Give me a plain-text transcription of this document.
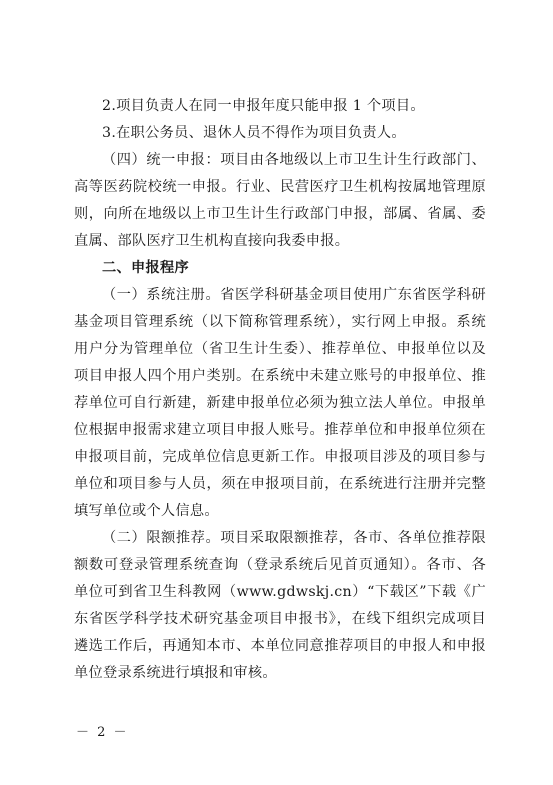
2.项目负责人在同一申报年度只能申报 1 个项目。

3.在职公务员、退休人员不得作为项目负责人。

（四）统一申报：项目由各地级以上市卫生计生行政部门、高等医药院校统一申报。行业、民营医疗卫生机构按属地管理原则，向所在地级以上市卫生计生行政部门申报，部属、省属、委直属、部队医疗卫生机构直接向我委申报。

二、申报程序

（一）系统注册。省医学科研基金项目使用广东省医学科研基金项目管理系统（以下简称管理系统），实行网上申报。系统用户分为管理单位（省卫生计生委）、推荐单位、申报单位以及项目申报人四个用户类别。在系统中未建立账号的申报单位、推荐单位可自行新建，新建申报单位必须为独立法人单位。申报单位根据申报需求建立项目申报人账号。推荐单位和申报单位须在申报项目前，完成单位信息更新工作。申报项目涉及的项目参与单位和项目参与人员，须在申报项目前，在系统进行注册并完整填写单位或个人信息。

（二）限额推荐。项目采取限额推荐，各市、各单位推荐限额数可登录管理系统查询（登录系统后见首页通知）。各市、各单位可到省卫生科教网（www.gdwskj.cn）“下载区”下载《广东省医学科学技术研究基金项目申报书》，在线下组织完成项目遴选工作后，再通知本市、本单位同意推荐项目的申报人和申报单位登录系统进行填报和审核。

－ 2 －
